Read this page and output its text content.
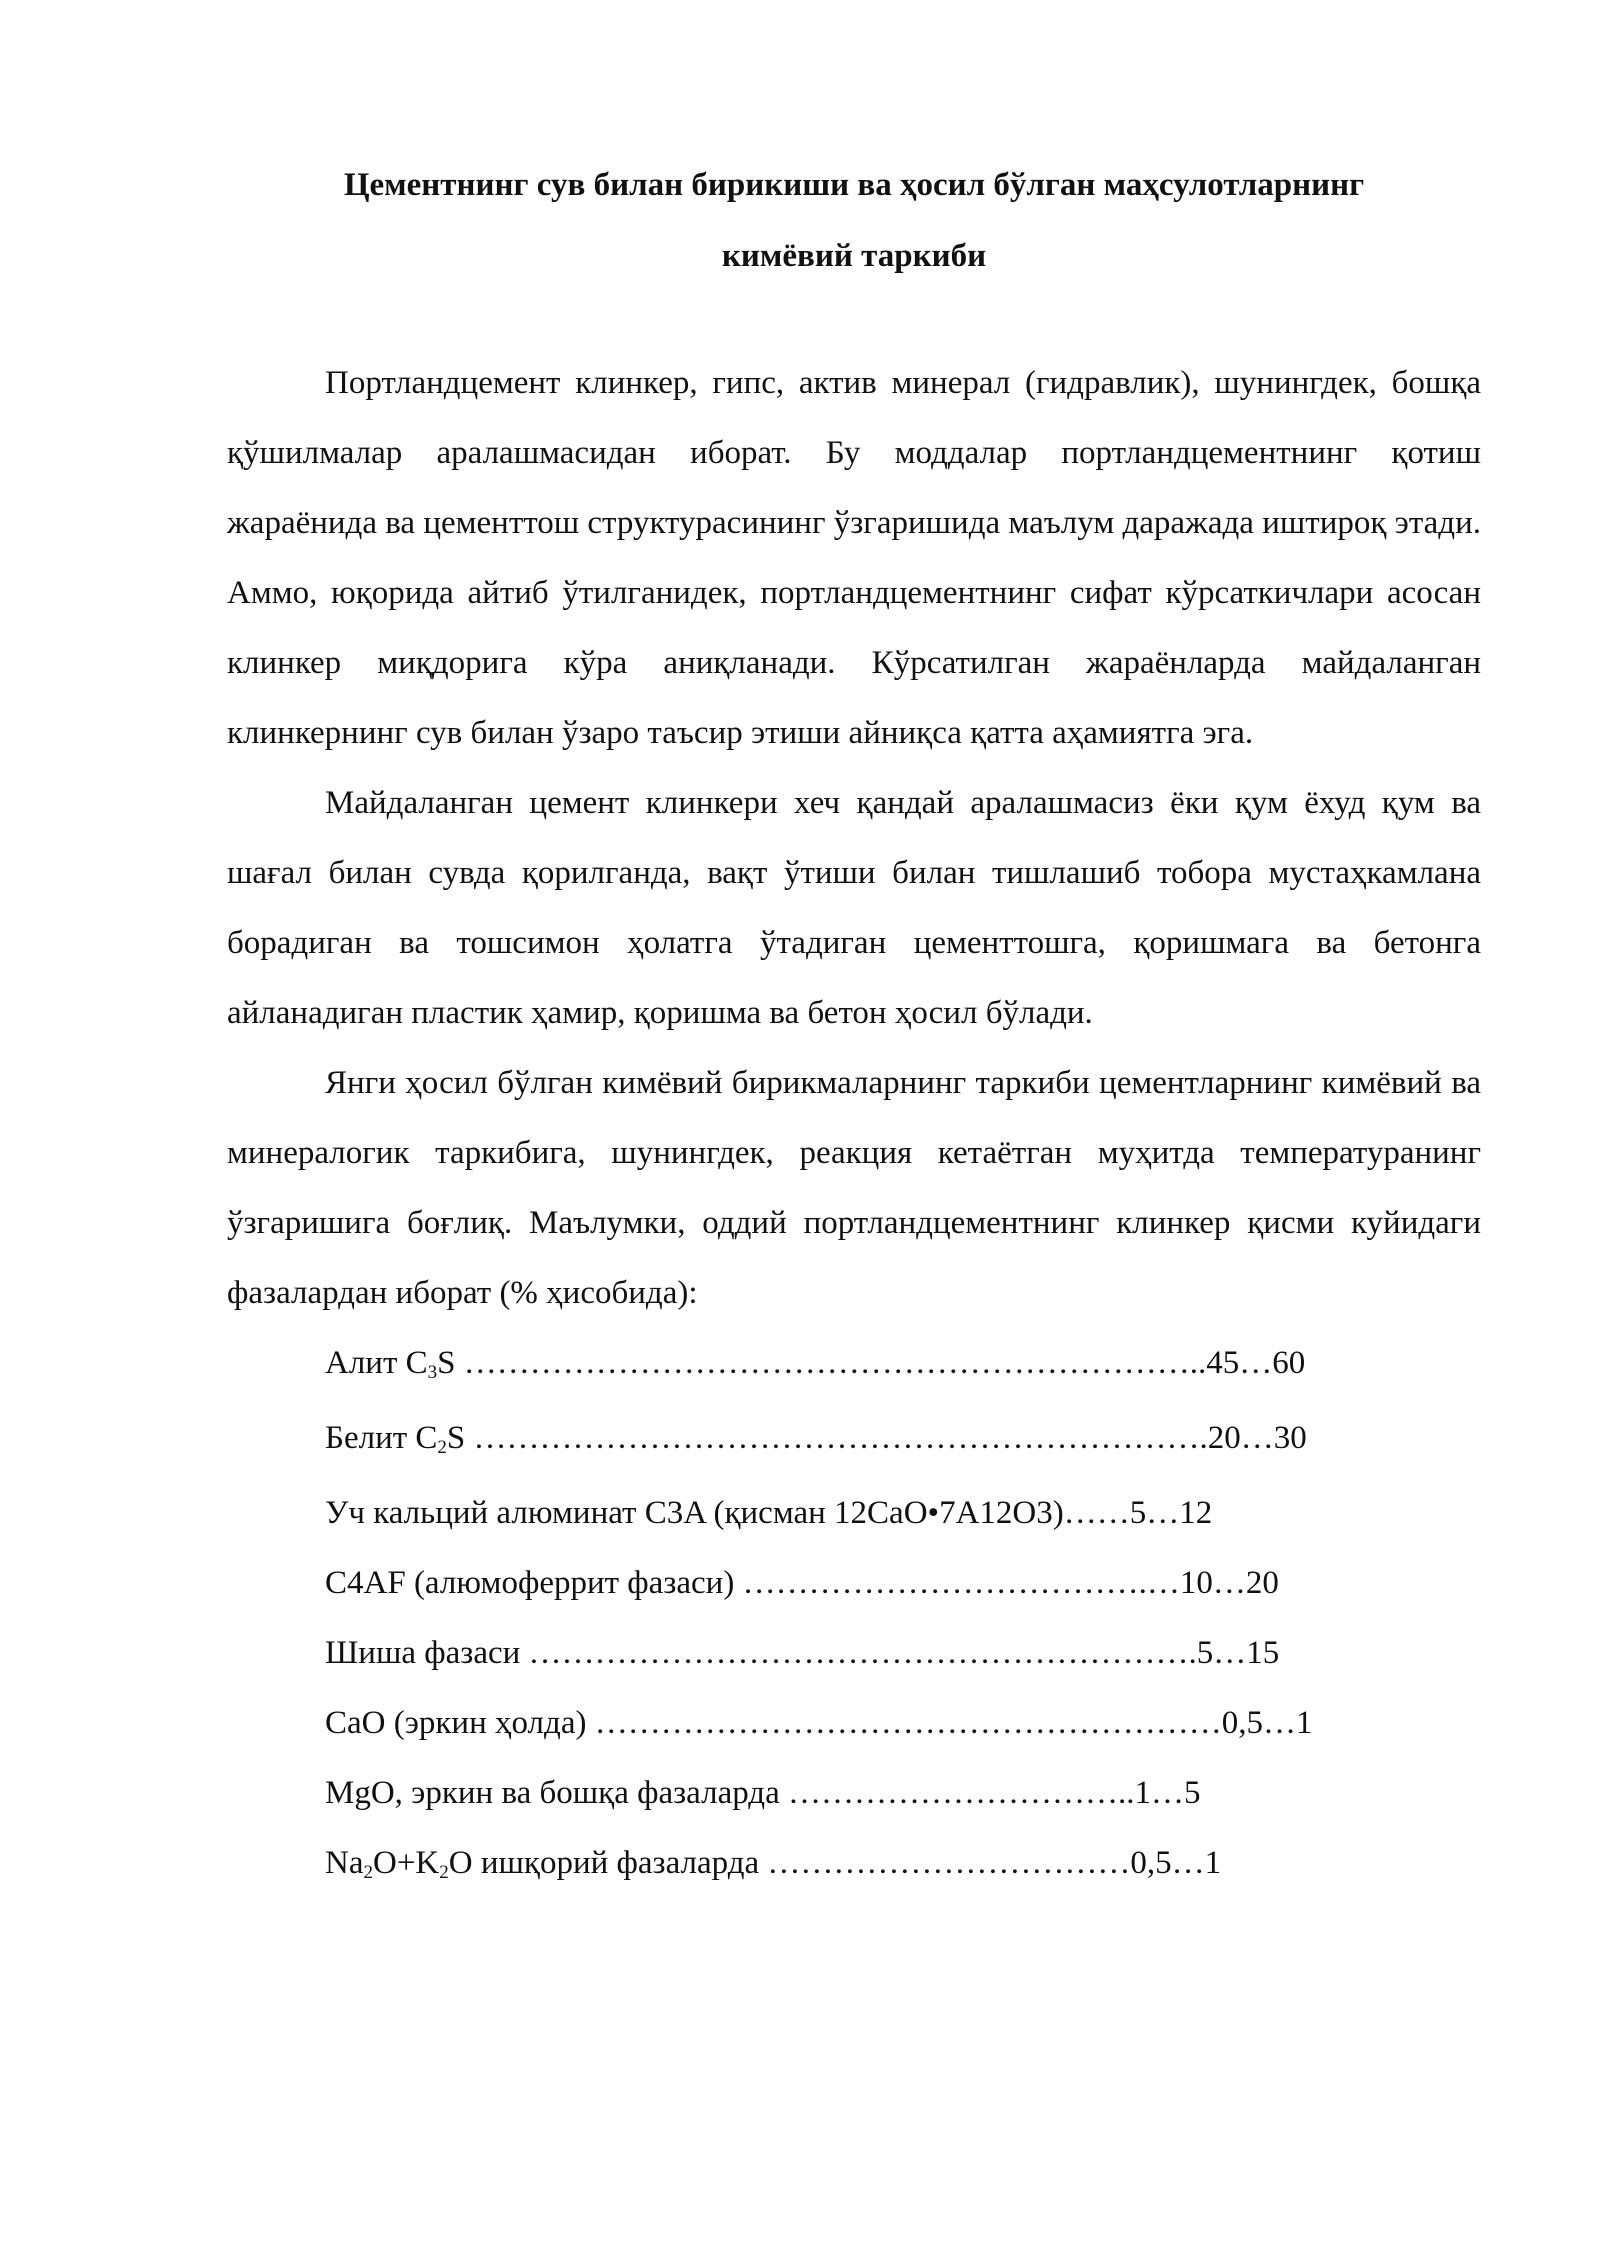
Цементнинг сув билан бирикиши ва ҳосил бўлган маҳсулотларнинг
кимёвий таркиби

Портландцемент клинкер, гипс, актив минерал (гидравлик), шунингдек, бошқа қўшилмалар аралашмасидан иборат. Бу моддалар портландцементнинг қотиш жараёнида ва цементтош структурасининг ўзгаришида маълум даражада иштироқ этади. Аммо, юқорида айтиб ўтилганидек, портландцементнинг сифат кўрсаткичлари асосан клинкер миқдорига кўра аниқланади. Кўрсатилган жараёнларда майдаланган клинкернинг сув билан ўзаро таъсир этиши айниқса қатта аҳамиятга эга.

Майдаланган цемент клинкери хеч қандай аралашмасиз ёки қум ёхуд қум ва шағал билан сувда қорилганда, вақт ўтиши билан тишлашиб тобора мустаҳкамлана борадиган ва тошсимон ҳолатга ўтадиган цементтошга, қоришмага ва бетонга айланадиган пластик ҳамир, қоришма ва бетон ҳосил бўлади.

Янги ҳосил бўлган кимёвий бирикмаларнинг таркиби цементларнинг кимёвий ва минералогик таркибига, шунингдек, реакция кетаётган муҳитда температуранинг ўзгаришига боғлиқ. Маълумки, оддий портландцементнинг клинкер қисми куйидаги фазалардан иборат (% ҳисобида):

Алит $C_3S$ …………………………………………………………..45…60

Белит $C_2S$ ………………………………………………………….20…30

Уч кальций алюминат C3A (қисман 12CaO•7A12O3)……5…12

C4AF (алюмоферрит фазаси) ……………………………….…10…20

Шиша фазаси …………………………………………………….5…15

CaO (эркин ҳолда) …………………………………………………0,5…1

MgO, эркин ва бошқа фазаларда …………………………..1…5

$Na_2O+K_2O$ ишқорий фазаларда ……………………………0,5…1
